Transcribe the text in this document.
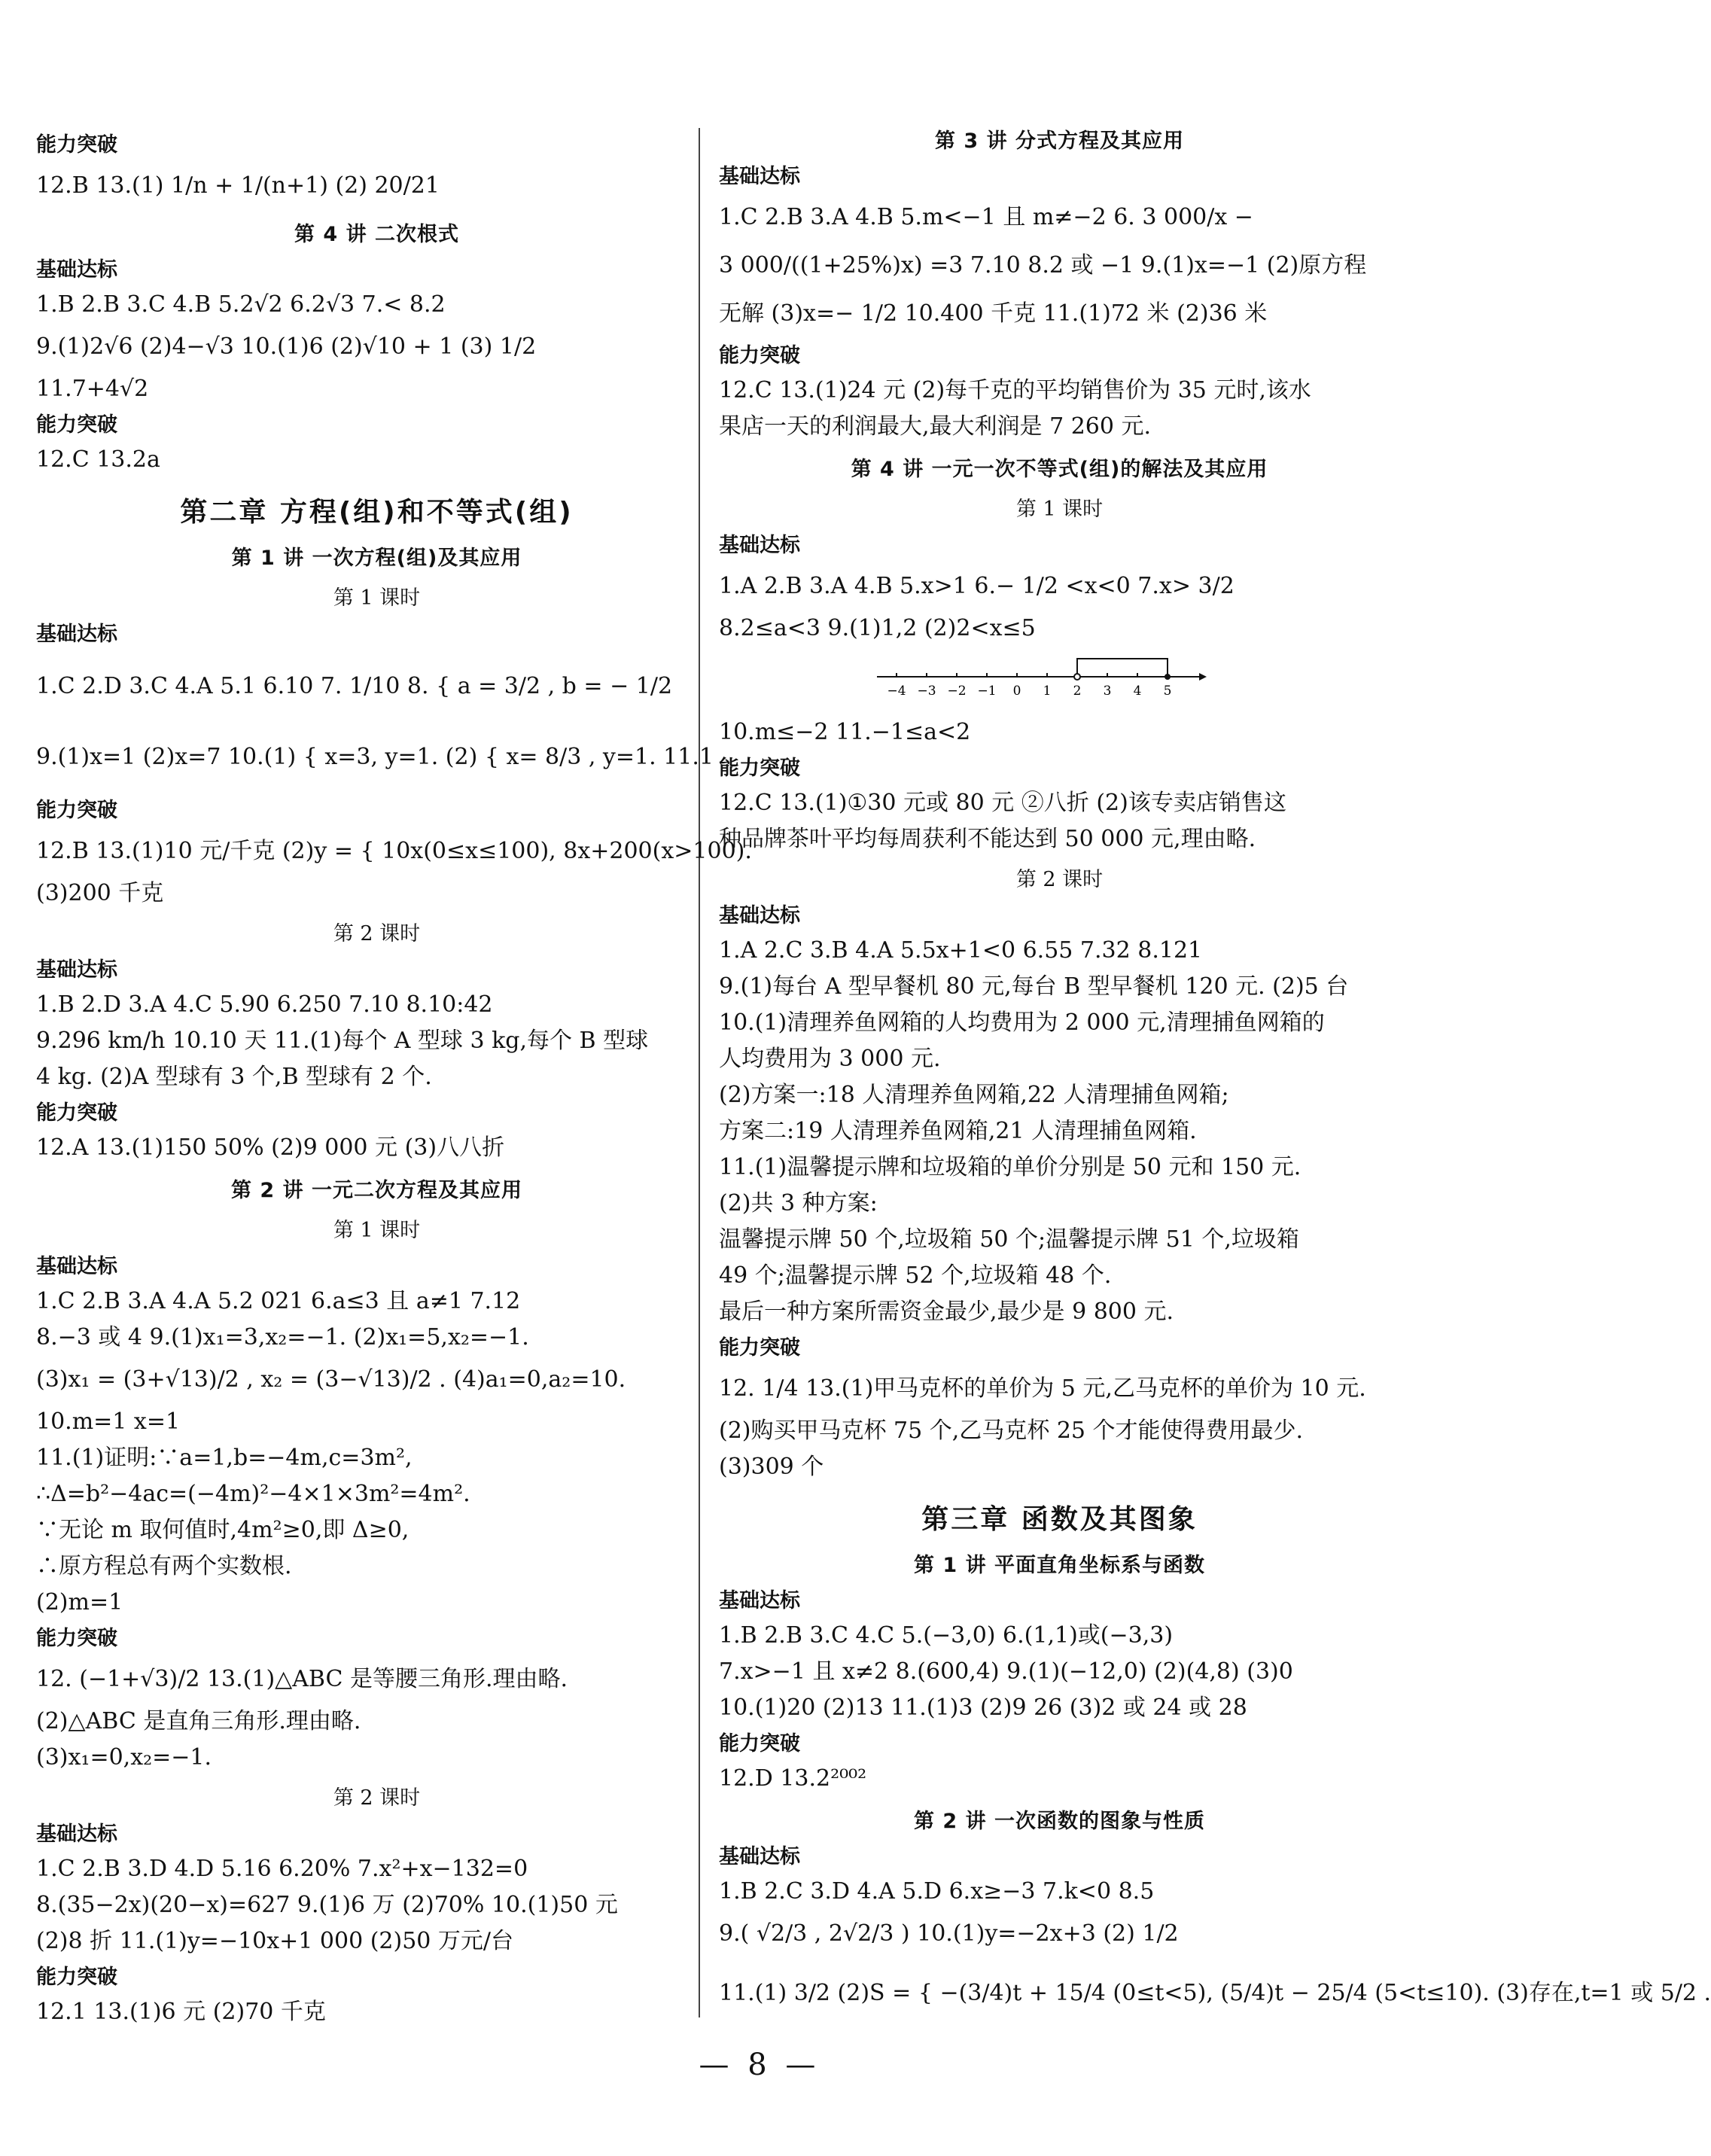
能力突破
12.B 13.(1) 1/n + 1/(n+1) (2) 20/21
第 4 讲 二次根式
基础达标
1.B 2.B 3.C 4.B 5.2√2 6.2√3 7.< 8.2
9.(1)2√6 (2)4−√3 10.(1)6 (2)√10 + 1 (3) 1/2
11.7+4√2
能力突破
12.C 13.2a
第二章 方程(组)和不等式(组)
第 1 讲 一次方程(组)及其应用
第 1 课时
基础达标
1.C 2.D 3.C 4.A 5.1 6.10 7. 1/10 8. { a = 3/2 , b = − 1/2
9.(1)x=1 (2)x=7 10.(1) { x=3, y=1. (2) { x= 8/3 , y=1. 11.1
能力突破
12.B 13.(1)10 元/千克 (2)y = { 10x(0≤x≤100), 8x+200(x>100).
(3)200 千克
第 2 课时
基础达标
1.B 2.D 3.A 4.C 5.90 6.250 7.10 8.10:42
9.296 km/h 10.10 天 11.(1)每个 A 型球 3 kg,每个 B 型球
4 kg. (2)A 型球有 3 个,B 型球有 2 个.
能力突破
12.A 13.(1)150 50% (2)9 000 元 (3)八八折
第 2 讲 一元二次方程及其应用
第 1 课时
基础达标
1.C 2.B 3.A 4.A 5.2 021 6.a≤3 且 a≠1 7.12
8.−3 或 4 9.(1)x₁=3,x₂=−1. (2)x₁=5,x₂=−1.
(3)x₁ = (3+√13)/2 , x₂ = (3−√13)/2 . (4)a₁=0,a₂=10.
10.m=1 x=1
11.(1)证明:∵a=1,b=−4m,c=3m²,
∴Δ=b²−4ac=(−4m)²−4×1×3m²=4m².
∵无论 m 取何值时,4m²≥0,即 Δ≥0,
∴原方程总有两个实数根.
(2)m=1
能力突破
12. (−1+√3)/2 13.(1)△ABC 是等腰三角形.理由略.
(2)△ABC 是直角三角形.理由略.
(3)x₁=0,x₂=−1.
第 2 课时
基础达标
1.C 2.B 3.D 4.D 5.16 6.20% 7.x²+x−132=0
8.(35−2x)(20−x)=627 9.(1)6 万 (2)70% 10.(1)50 元
(2)8 折 11.(1)y=−10x+1 000 (2)50 万元/台
能力突破
12.1 13.(1)6 元 (2)70 千克
第 3 讲 分式方程及其应用
基础达标
1.C 2.B 3.A 4.B 5.m<−1 且 m≠−2 6. 3 000/x −
3 000/((1+25%)x) =3 7.10 8.2 或 −1 9.(1)x=−1 (2)原方程
无解 (3)x=− 1/2 10.400 千克 11.(1)72 米 (2)36 米
能力突破
12.C 13.(1)24 元 (2)每千克的平均销售价为 35 元时,该水
果店一天的利润最大,最大利润是 7 260 元.
第 4 讲 一元一次不等式(组)的解法及其应用
第 1 课时
基础达标
1.A 2.B 3.A 4.B 5.x>1 6.− 1/2 <x<0 7.x> 3/2
8.2≤a<3 9.(1)1,2 (2)2<x≤5
−4 −3 −2 −1 0 1 2 3 4 5
10.m≤−2 11.−1≤a<2
能力突破
12.C 13.(1)①30 元或 80 元 ②八折 (2)该专卖店销售这
种品牌茶叶平均每周获利不能达到 50 000 元,理由略.
第 2 课时
基础达标
1.A 2.C 3.B 4.A 5.5x+1<0 6.55 7.32 8.121
9.(1)每台 A 型早餐机 80 元,每台 B 型早餐机 120 元. (2)5 台
10.(1)清理养鱼网箱的人均费用为 2 000 元,清理捕鱼网箱的
人均费用为 3 000 元.
(2)方案一:18 人清理养鱼网箱,22 人清理捕鱼网箱;
方案二:19 人清理养鱼网箱,21 人清理捕鱼网箱.
11.(1)温馨提示牌和垃圾箱的单价分别是 50 元和 150 元.
(2)共 3 种方案:
温馨提示牌 50 个,垃圾箱 50 个;温馨提示牌 51 个,垃圾箱
49 个;温馨提示牌 52 个,垃圾箱 48 个.
最后一种方案所需资金最少,最少是 9 800 元.
能力突破
12. 1/4 13.(1)甲马克杯的单价为 5 元,乙马克杯的单价为 10 元.
(2)购买甲马克杯 75 个,乙马克杯 25 个才能使得费用最少.
(3)309 个
第三章 函数及其图象
第 1 讲 平面直角坐标系与函数
基础达标
1.B 2.B 3.C 4.C 5.(−3,0) 6.(1,1)或(−3,3)
7.x>−1 且 x≠2 8.(600,4) 9.(1)(−12,0) (2)(4,8) (3)0
10.(1)20 (2)13 11.(1)3 (2)9 26 (3)2 或 24 或 28
能力突破
12.D 13.2²⁰⁰²
第 2 讲 一次函数的图象与性质
基础达标
1.B 2.C 3.D 4.A 5.D 6.x≥−3 7.k<0 8.5
9.( √2/3 , 2√2/3 ) 10.(1)y=−2x+3 (2) 1/2
11.(1) 3/2 (2)S = { −(3/4)t + 15/4 (0≤t<5), (5/4)t − 25/4 (5<t≤10). (3)存在,t=1 或 5/2 .
— 8 —
